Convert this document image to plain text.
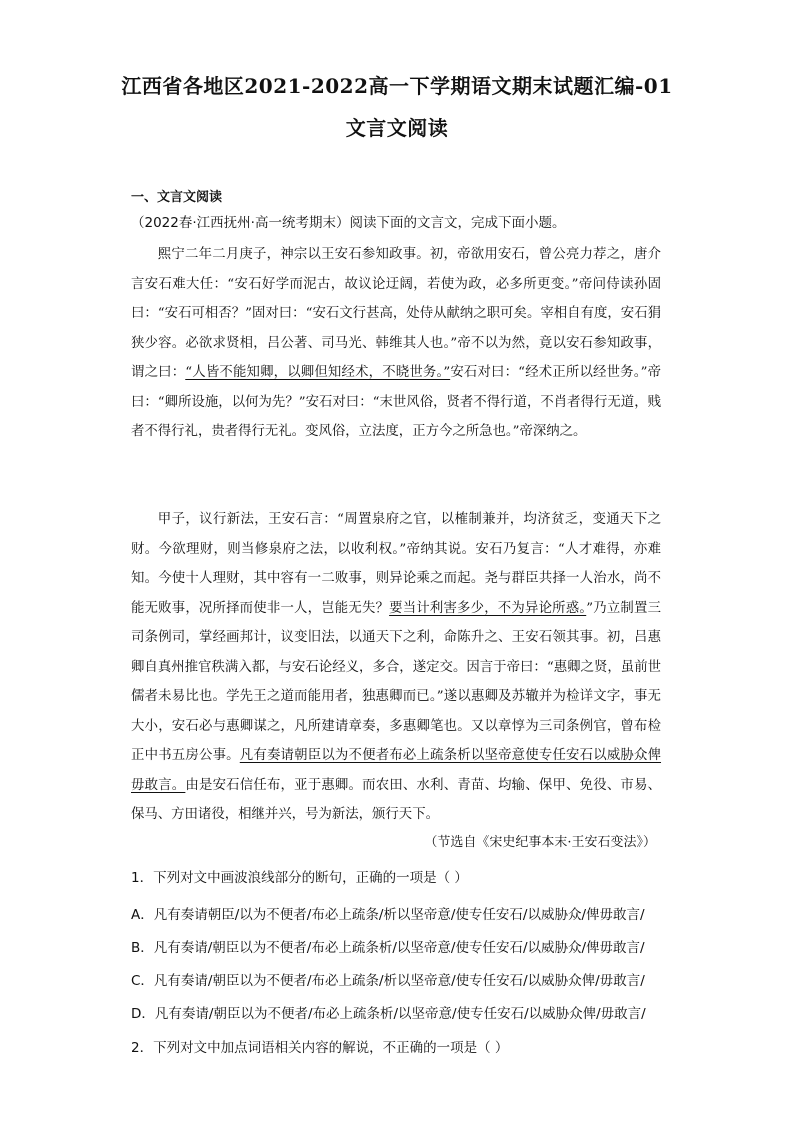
江西省各地区2021-2022高一下学期语文期末试题汇编-01
文言文阅读
一、文言文阅读
（2022春·江西抚州·高一统考期末）阅读下面的文言文，完成下面小题。
熙宁二年二月庚子，神宗以王安石参知政事。初，帝欲用安石，曾公亮力荐之，唐介言安石难大任：“安石好学而泥古，故议论迂阔，若使为政，必多所更变。”帝问侍读孙固曰：“安石可相否？”固对曰：“安石文行甚高，处侍从献纳之职可矣。宰相自有度，安石狷狭少容。必欲求贤相，吕公著、司马光、韩维其人也。”帝不以为然，竟以安石参知政事，谓之曰：“人皆不能知卿，以卿但知经术，不晓世务。”安石对曰：“经术正所以经世务。”帝曰：“卿所设施，以何为先？”安石对曰：“末世风俗，贤者不得行道，不肖者得行无道，贱者不得行礼，贵者得行无礼。变风俗，立法度，正方今之所急也。”帝深纳之。
甲子，议行新法，王安石言：“周置泉府之官，以榷制兼并，均济贫乏，变通天下之财。今欲理财，则当修泉府之法，以收利权。”帝纳其说。安石乃复言：“人才难得，亦难知。今使十人理财，其中容有一二败事，则异论乘之而起。尧与群臣共择一人治水，尚不能无败事，况所择而使非一人，岂能无失？要当计利害多少，不为异论所惑。”乃立制置三司条例司，掌经画邦计，议变旧法，以通天下之利，命陈升之、王安石领其事。初，吕惠卿自真州推官秩满入都，与安石论经义，多合，遂定交。因言于帝曰：“惠卿之贤，虽前世儒者未易比也。学先王之道而能用者，独惠卿而已。”遂以惠卿及苏辙并为检详文字，事无大小，安石必与惠卿谋之，凡所建请章奏，多惠卿笔也。又以章惇为三司条例官，曾布检正中书五房公事。凡有奏请朝臣以为不便者布必上疏条析以坚帝意使专任安石以威胁众俾毋敢言。由是安石信任布，亚于惠卿。而农田、水利、青苗、均输、保甲、免役、市易、保马、方田诸役，相继并兴，号为新法，颁行天下。
（节选自《宋史纪事本末·王安石变法》）
1．下列对文中画波浪线部分的断句，正确的一项是（ ）
A．凡有奏请朝臣/以为不便者/布必上疏条/析以坚帝意/使专任安石/以威胁众/俾毋敢言/
B．凡有奏请/朝臣以为不便者/布必上疏条析/以坚帝意/使专任安石/以威胁众/俾毋敢言/
C．凡有奏请/朝臣以为不便者/布必上疏条/析以坚帝意/使专任安石/以威胁众俾/毋敢言/
D．凡有奏请/朝臣以为不便者/布必上疏条析/以坚帝意/使专任安石/以威胁众俾/毋敢言/
2．下列对文中加点词语相关内容的解说，不正确的一项是（ ）
